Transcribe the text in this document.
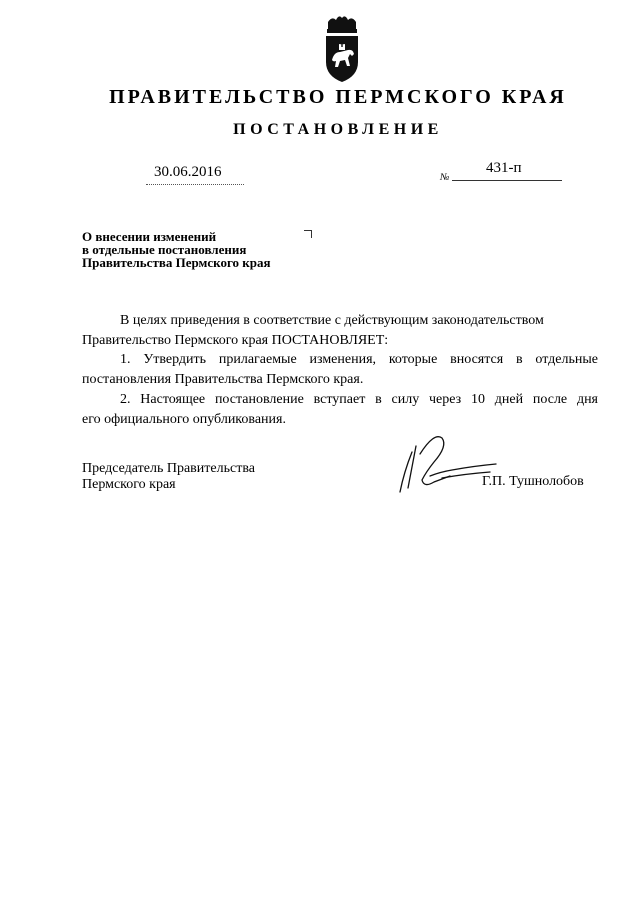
ПРАВИТЕЛЬСТВО ПЕРМСКОГО КРАЯ
ПОСТАНОВЛЕНИЕ
30.06.2016	№
431-п
О внесении изменений
в отдельные постановления
Правительства Пермского края
В целях приведения в соответствие с действующим законодательством
Правительство Пермского края ПОСТАНОВЛЯЕТ:
1. Утвердить прилагаемые изменения, которые вносятся в отдельные
постановления Правительства Пермского края.
2. Настоящее постановление вступает в силу через 10 дней после дня
его официального опубликования.
Председатель Правительства
Пермского края	Г.П. Тушнолобов
